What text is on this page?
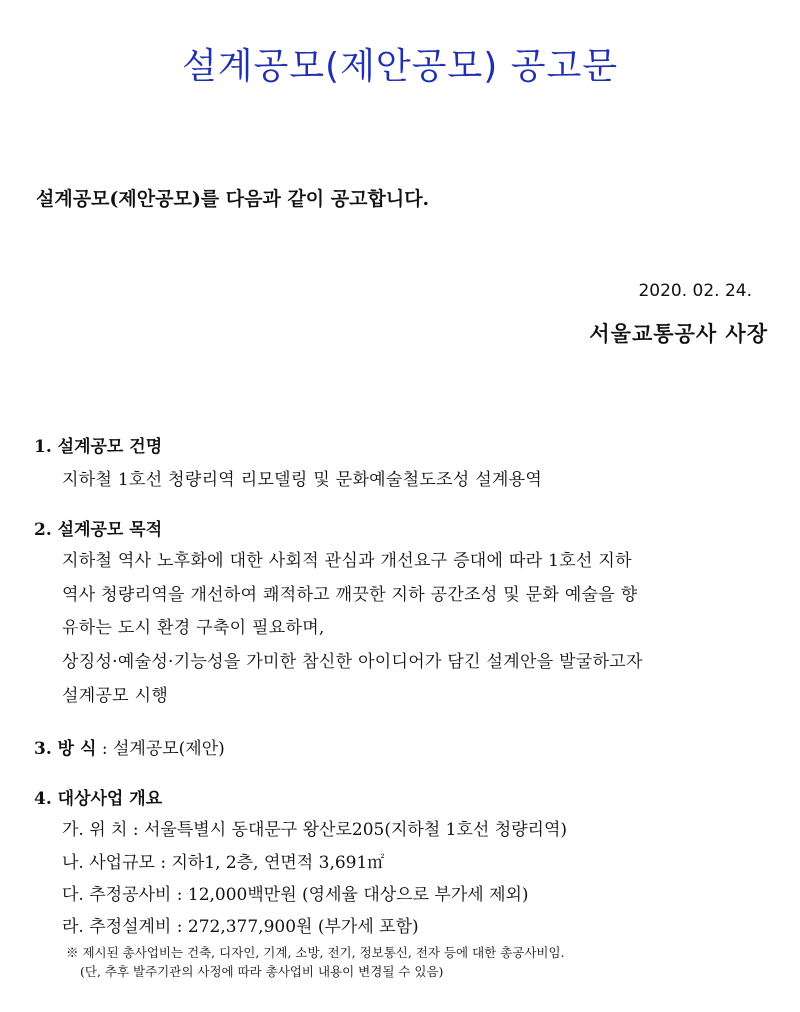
설계공모(제안공모) 공고문
설계공모(제안공모)를 다음과 같이 공고합니다.
2020. 02. 24.
서울교통공사 사장
1. 설계공모 건명
지하철 1호선 청량리역 리모델링 및 문화예술철도조성 설계용역
2. 설계공모 목적
지하철 역사 노후화에 대한 사회적 관심과 개선요구 증대에 따라 1호선 지하
역사 청량리역을 개선하여 쾌적하고 깨끗한 지하 공간조성 및 문화 예술을 향
유하는 도시 환경 구축이 필요하며,
상징성·예술성·기능성을 가미한 참신한 아이디어가 담긴 설계안을 발굴하고자
설계공모 시행
3. 방 식 : 설계공모(제안)
4. 대상사업 개요
가. 위 치 : 서울특별시 동대문구 왕산로205(지하철 1호선 청량리역)
나. 사업규모 : 지하1, 2층, 연면적 3,691㎡
다. 추정공사비 : 12,000백만원 (영세율 대상으로 부가세 제외)
라. 추정설계비 : 272,377,900원 (부가세 포함)
※ 제시된 총사업비는 건축, 디자인, 기계, 소방, 전기, 정보통신, 전자 등에 대한 총공사비임.
(단, 추후 발주기관의 사정에 따라 총사업비 내용이 변경될 수 있음)
